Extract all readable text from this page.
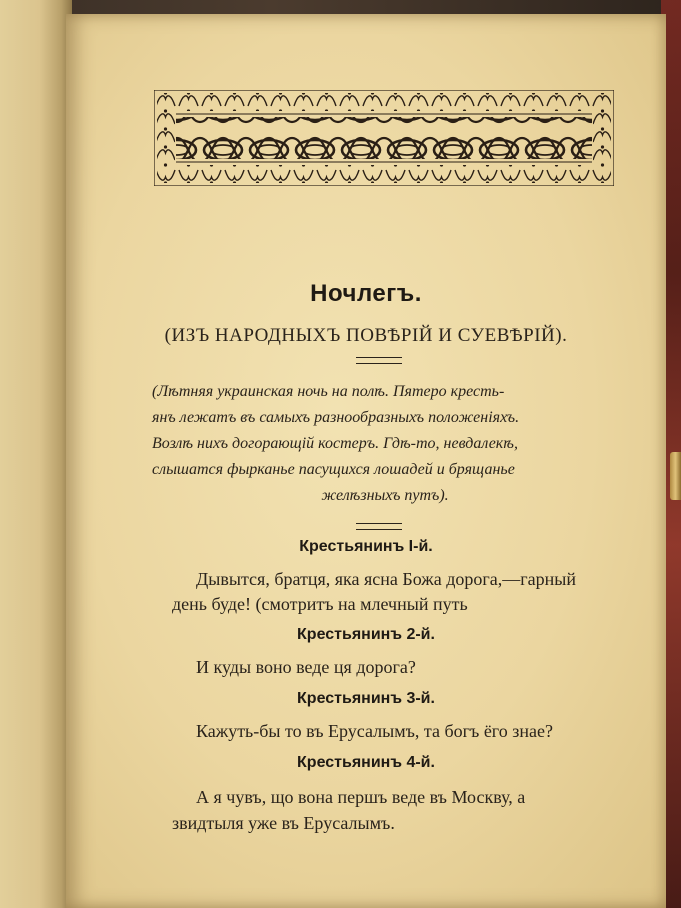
Ночлегъ.
(ИЗЪ НАРОДНЫХЪ ПОВѢРІЙ И СУЕВѢРІЙ).
(Лѣтняя украинская ночь на полѣ. Пятеро кресть-
янъ лежатъ въ самыхъ разнообразныхъ положеніяхъ.
Возлѣ нихъ догорающій костеръ. Гдѣ-то, невдалекѣ,
слышатся фырканье пасущихся лошадей и брящанье
желѣзныхъ путъ).
Крестьянинъ І-й.
Дывытся, братця, яка ясна Божа дорога,—гарный
день буде! (смотритъ на млечный путь
Крестьянинъ 2-й.
И куды воно веде ця дорога?
Крестьянинъ 3-й.
Кажуть-бы то въ Ерусалымъ, та богъ ёго знае?
Крестьянинъ 4-й.
А я чувъ, що вона першъ веде въ Москву, а
звидтыля уже въ Ерусалымъ.
